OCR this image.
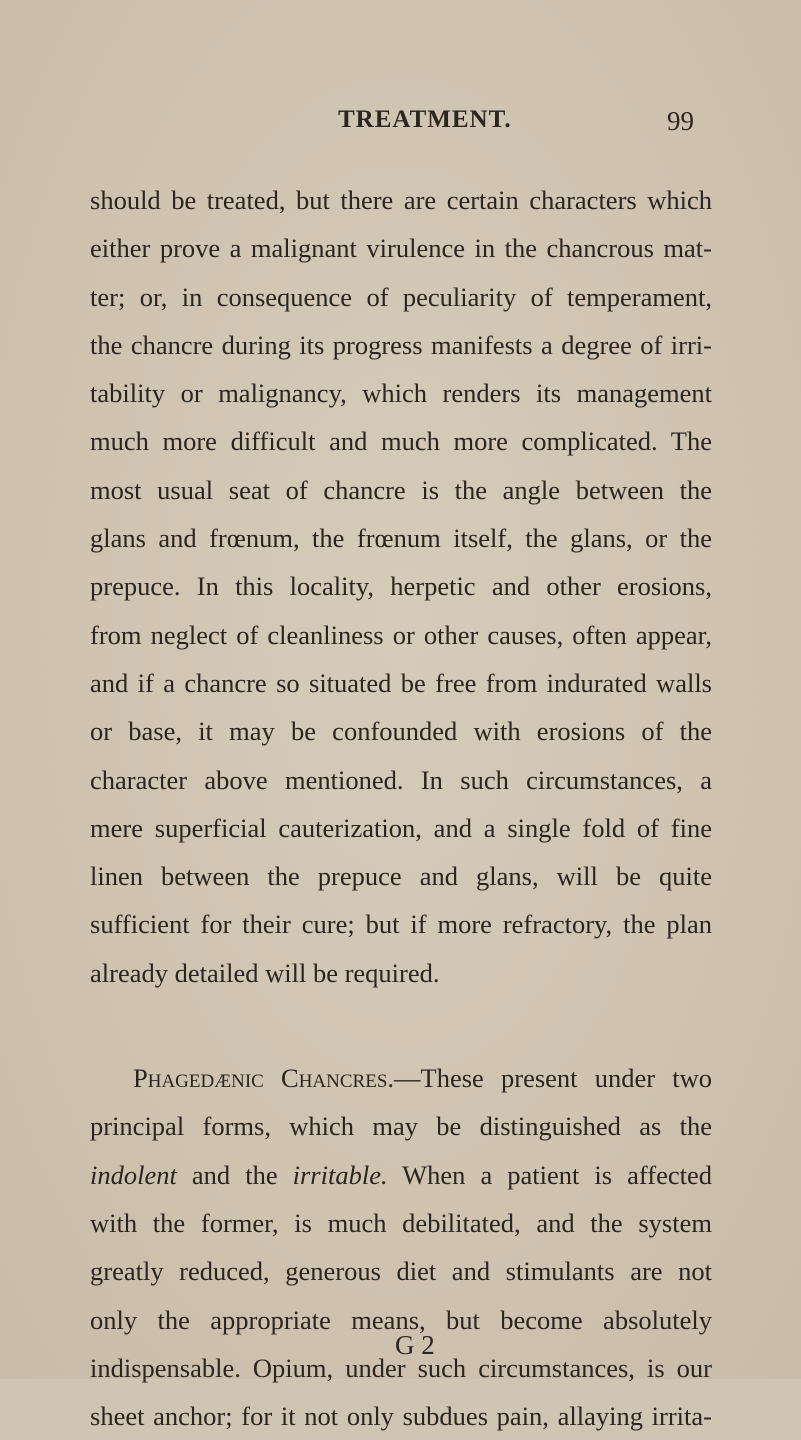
TREATMENT.	99
should be treated, but there are certain characters which
either prove a malignant virulence in the chancrous mat-
ter; or, in consequence of peculiarity of temperament,
the chancre during its progress manifests a degree of irri-
tability or malignancy, which renders its management
much more difficult and much more complicated. The
most usual seat of chancre is the angle between the
glans and frœnum, the frœnum itself, the glans, or the
prepuce. In this locality, herpetic and other erosions,
from neglect of cleanliness or other causes, often appear,
and if a chancre so situated be free from indurated walls
or base, it may be confounded with erosions of the
character above mentioned. In such circumstances, a
mere superficial cauterization, and a single fold of fine
linen between the prepuce and glans, will be quite
sufficient for their cure; but if more refractory, the plan
already detailed will be required.
Phagedænic Chancres.—These present under two
principal forms, which may be distinguished as the
indolent and the irritable. When a patient is affected
with the former, is much debilitated, and the system
greatly reduced, generous diet and stimulants are not
only the appropriate means, but become absolutely
indispensable. Opium, under such circumstances, is our
sheet anchor; for it not only subdues pain, allaying irrita-
G 2
